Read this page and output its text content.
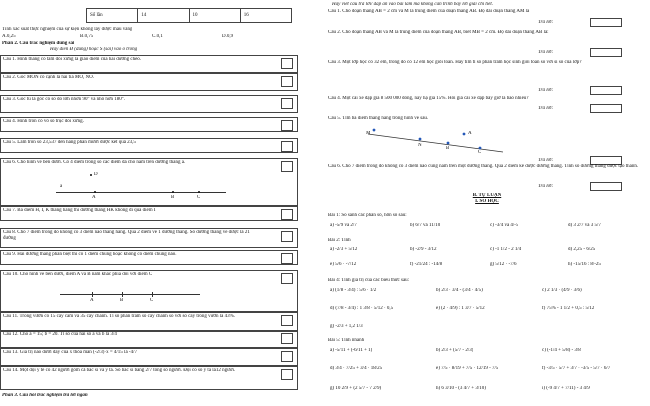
Số lần	14	10	16
Tính xác suất thực nghiệm của sự kiện không lấy được màu vàng
A.0,25	B.0,75	C.0,1	D.0,9
Phần 2. Câu trắc nghiệm đúng sai
Hãy điền Đ (đúng) hoặc S (sai) vào ô trống
Câu 1. Hình thang có tâm đối xứng là giao điểm của hai đường chéo.
Câu 2. Góc MON có cạnh là hai tia MO, NO.
Câu 3. Góc tù là góc có số đo lớn nhơn 90° và nhỏ hơn 180°.
Câu 4. Hình tròn có vô số trục đối xứng.
Câu 5. Làm tròn số 23,537 đến hàng phần mười được kết quả 23,5
Câu 6. Cho hình vẽ bên dưới. Có 4 điểm trong số các điểm đã cho nằm trên đường thẳng a.
D
a
A	B	C
Câu 7. Ba điểm H, I, K thẳng hàng thì đường thẳng HK không đi qua điểm I
Câu 8. Cho 7 điểm trong đó không có 3 điểm nào thẳng hàng. Qua 2 điểm vẽ 1 đường thẳng. Số đường thẳng vẽ được là 21 đường
Câu 9. Hai đường thẳng phân biệt thì có 1 điểm chung hoặc không có điểm chung nào.
Câu 10. Cho hình vẽ bên dưới, điểm A và B nằm khác phía đối với điểm C
A	B	C
Câu 11. Trong vườn có 15 cây cam và 35 cây chanh. Tỉ số phần trăm số cây chanh so với số cây trong vườn là 43%.
Câu 12. Cho a = 15; b = 20. Tỉ số của hai số a và b là 3/4
Câu 13. Giá trị nào dưới đây của x thỏa mãn (-2/3)·x = 4/15 là -4/7
Câu 14. Một đội y tế có 42 người gồm cả bác sĩ và y tá. Số bác sĩ bằng 2/7 tổng số người. Đội có số y tá là12 người.
Phần 3. Câu hỏi trắc nghiệm trả lời ngắn
Hãy viết câu trả lời/ đáp án vào bài làm mà không cần trình bày lời giải chi tiết.
Câu 1. Cho đoạn thẳng AB = 2 cm và M là trung điểm của đoạn thẳng AB. Độ dài đoạn thẳng AM là
Trả lời:
Câu 2. Cho đoạn thẳng AB và M là trung điểm của đoạn thẳng AB, biết MB = 2 cm. Độ dài đoạn thẳng AB là:
Trả lời:
Câu 3. Một lớp học có 32 em, trong đó có 12 em học giỏi toán. Hãy tìm tỉ số phần trăm học sinh giỏi toán so với sĩ số của lớp?
Trả lời:
Câu 4. Một cái xe đạp giá 8 500 000 đồng, nay hạ giá 15%. Hỏi giá cái xe đạp bây giờ là bao nhiêu?
Trả lời:
Câu 5. Tìm ba điểm thẳng hàng trong hình vẽ sau.
M
N
B
C
A
Trả lời:
Câu 6. Cho 7 điểm trong đó không có 3 điểm nào cùng nằm trên một đường thẳng. Qua 2 điểm kẻ được đường thẳng. Tính số đường thẳng được tạo thành.
Trả lời:
B. TỰ LUẬN
I. SỐ HỌC
Bài 1: So sánh các phân số, hỗn số sau:
a) -5/9 và 2/7	b) 6/7 và 11/10	c) -3/4 và 4/-5	d) 3 2/7 và 3 5/7
Bài 2: Tính
a) -2/3 + 5/12	b) -2/9 - 3/12	c) -1 1/2 - 2 1/4	d) 2,25 - 6/25
e) 5/6 · -7/12	f) -21/24 : -14/8	g) 5/12 · -7/6	h) -15/16 : 8/-25
Bài 4: Tính giá trị của các biểu thức sau:
a) (1/8 - 3/4) : 5/6 · 1/2	b) 2/3 · 3/4 - (3/4 · 4/5)	c) 2 1/3 · (4/9 · 3/6)
d) (7/8 - 3/4) : 1 3/8 · 5/12 · 0,5	e) (2 · 4/9) : 1 3/7 · 5/12	f) 75% - 1 1/2 + 0,5 : 5/12
g) -2/3 + 1,2 1/3
Bài 5: Tính nhanh
a) -5/11 + (-6/11 + 1)	b) 2/3 + (5/7 - 2/3)	c) (-1/4 + 5/8) - 3/8
d) 3/4 · 7/25 + 3/4 · 18/25	e) 7/5 · 8/19 + 7/5 · 12/19 - 7/5	f) -3/5 · 5/7 + 3/7 · -3/5 - 5/7 · 6/7
g) 10 2/9 + (2 5/7 - 7 2/9)	h) 6 3/10 - (3 4/7 + 3/10)	i) (-9 4/7 + 7/11) - 3 4/9
